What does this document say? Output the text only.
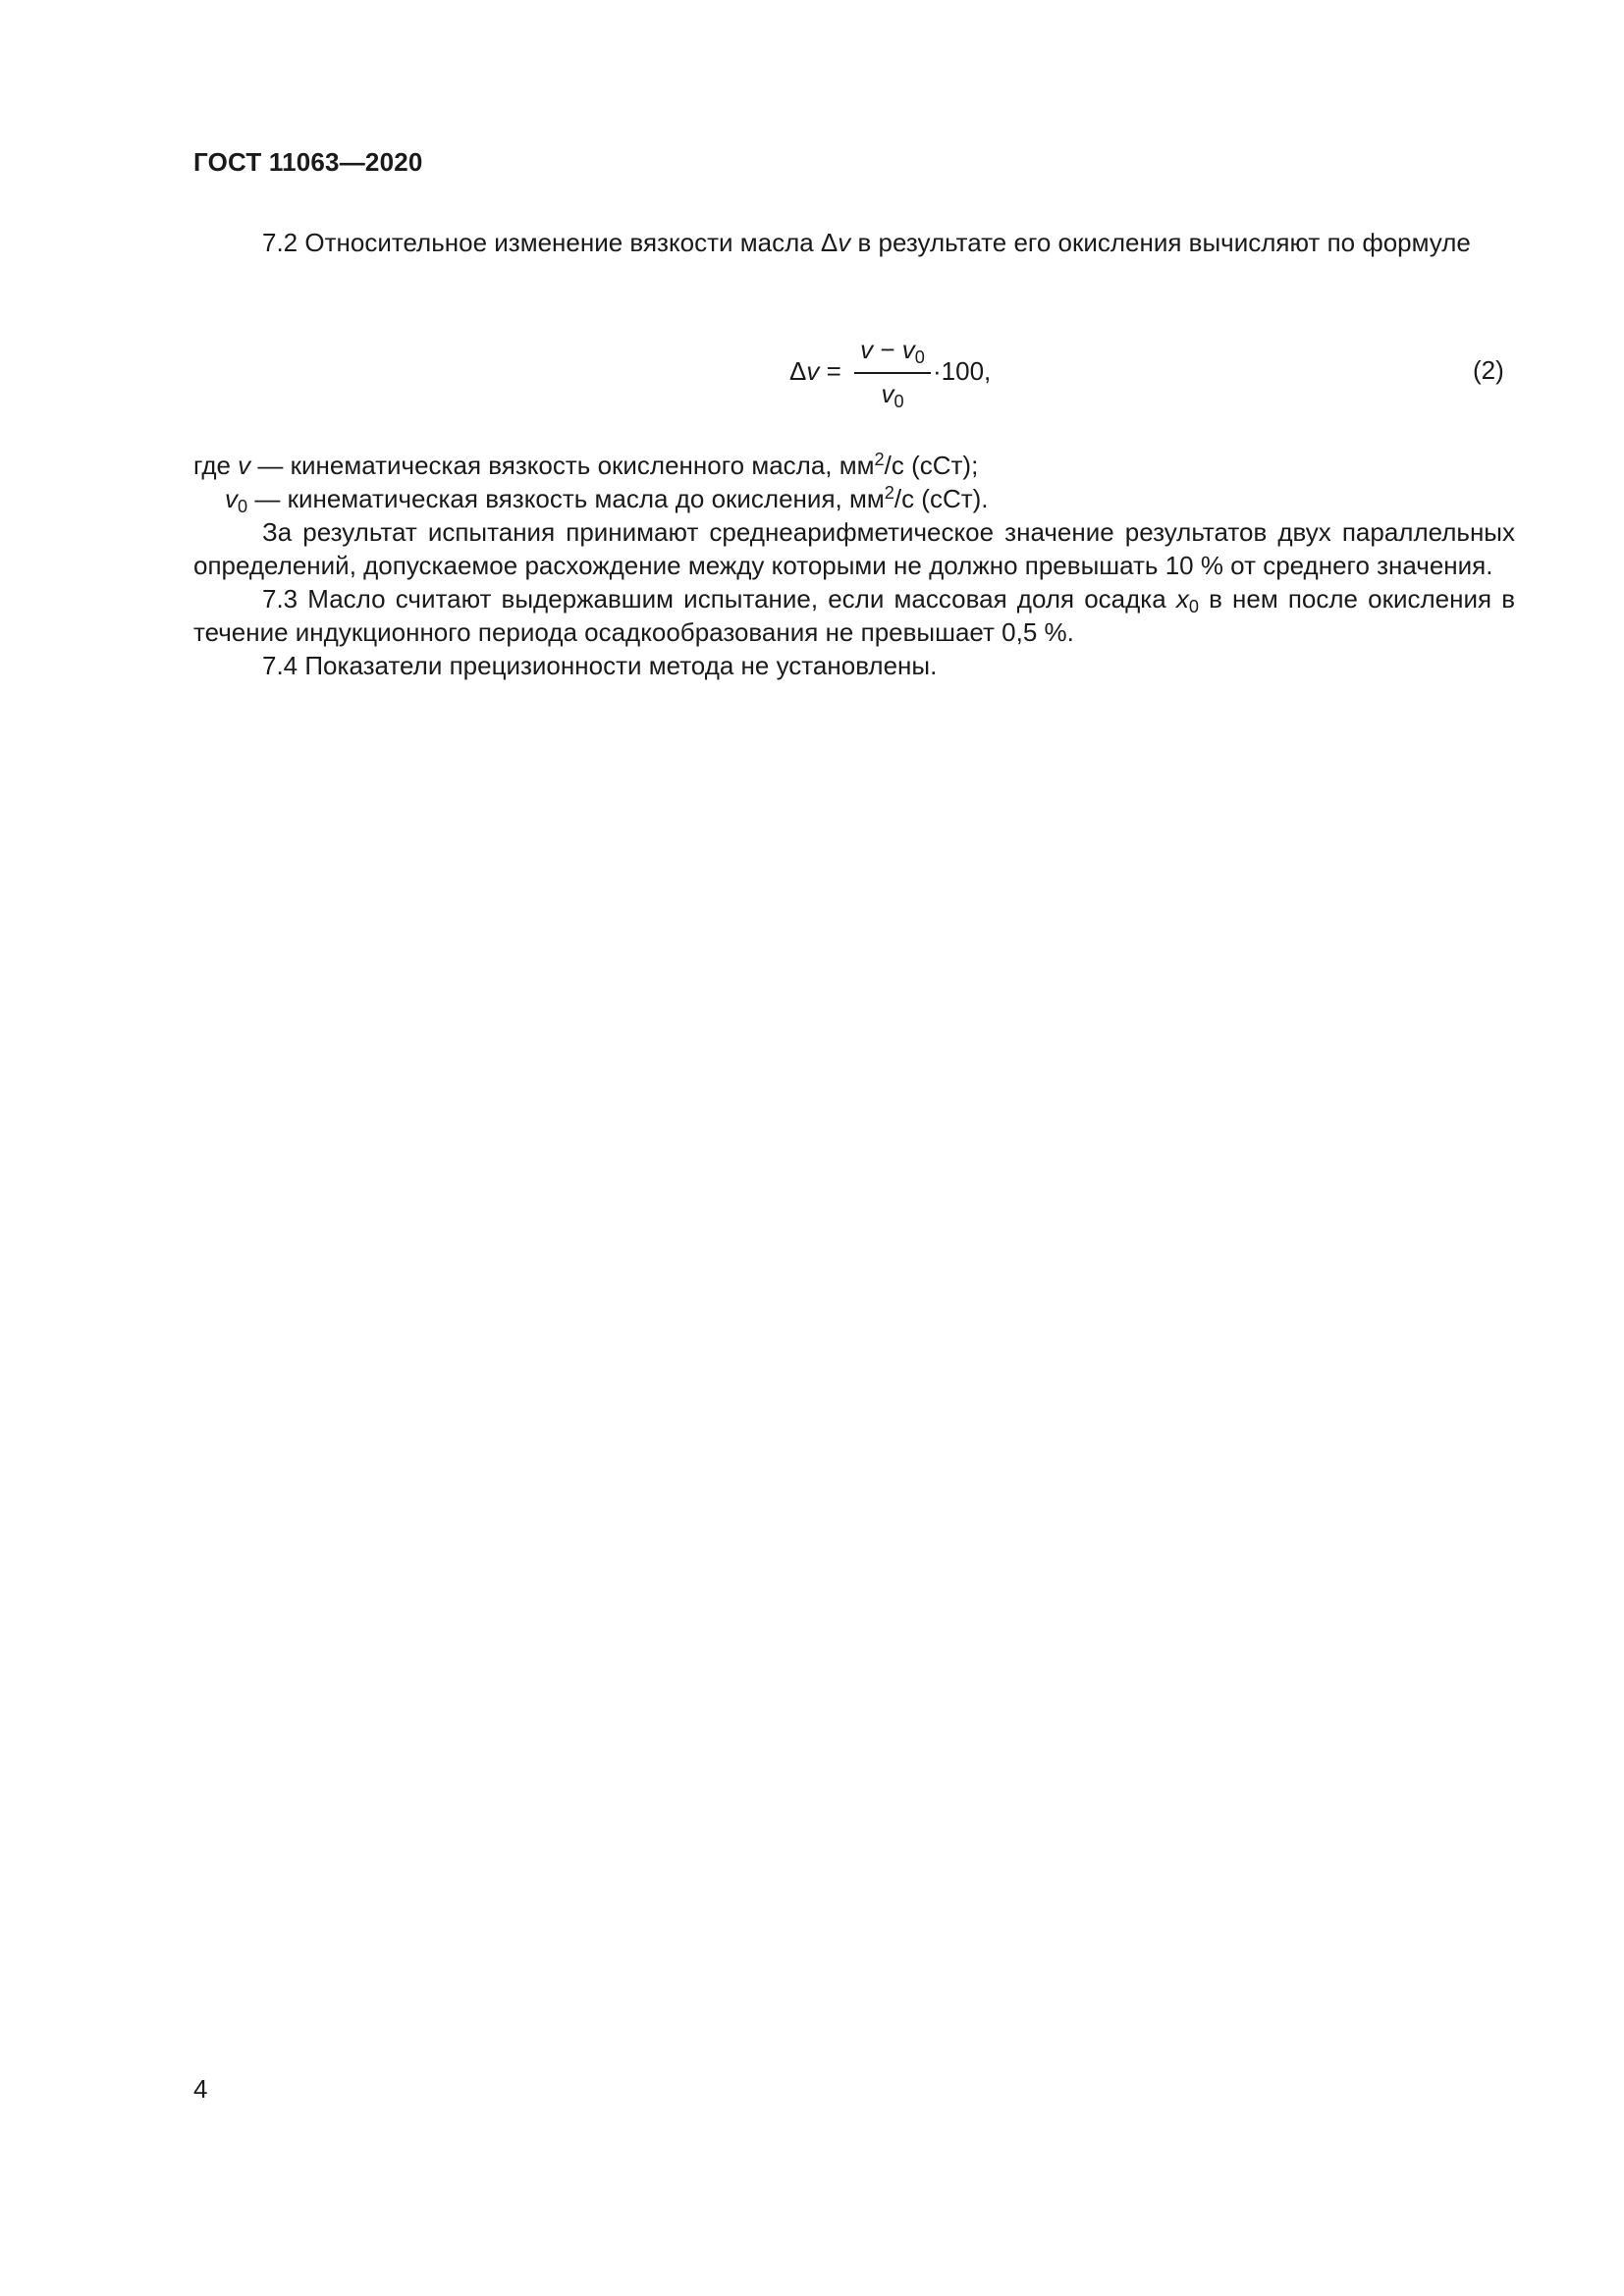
ГОСТ 11063—2020

7.2 Относительное изменение вязкости масла Δv в результате его окисления вычисляют по формуле

Δv =
$v - v_0$
$v_0$
·100,	(2)

где v — кинематическая вязкость окисленного масла, $мм^2/с$ (сСт);

$v_0$ — кинематическая вязкость масла до окисления, $мм^2/с$ (сСт).

За результат испытания принимают среднеарифметическое значение результатов двух параллельных определений, допускаемое расхождение между которыми не должно превышать 10 % от среднего значения.

7.3 Масло считают выдержавшим испытание, если массовая доля осадка $x_0$ в нем после окисления в течение индукционного периода осадкообразования не превышает 0,5 %.

7.4 Показатели прецизионности метода не установлены.

4
